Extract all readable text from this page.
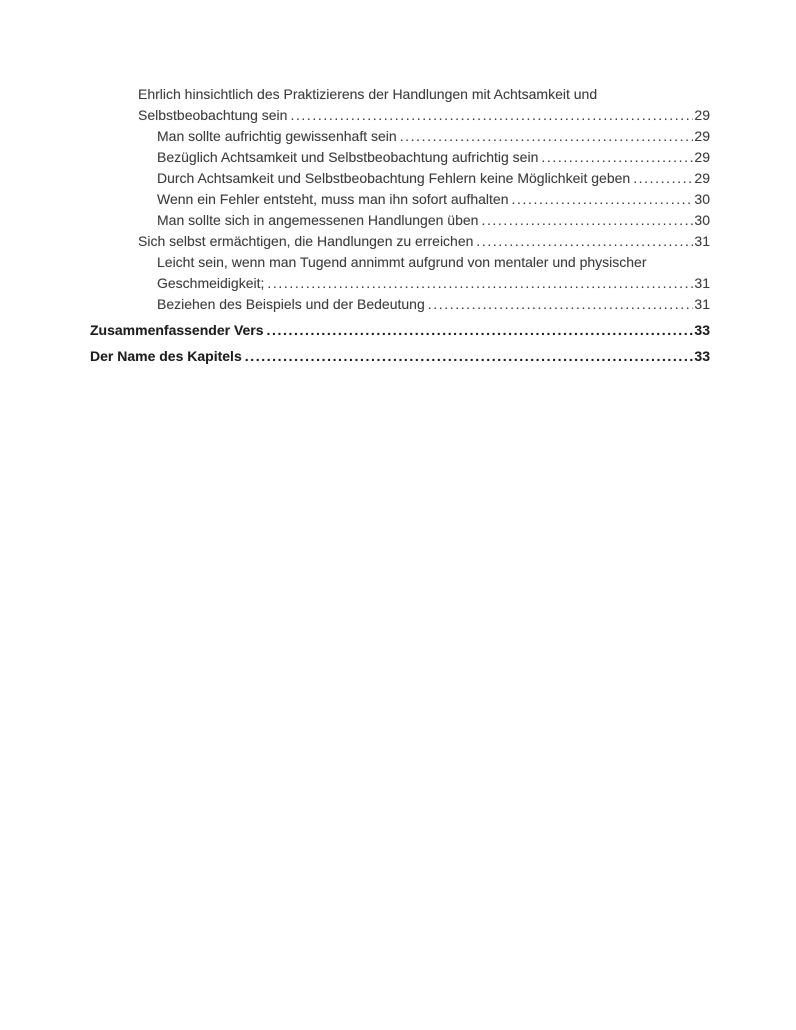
Ehrlich hinsichtlich des Praktizierens der Handlungen mit Achtsamkeit und
Selbstbeobachtung sein .....	29
Man sollte aufrichtig gewissenhaft sein .....	29
Bezüglich Achtsamkeit und Selbstbeobachtung aufrichtig sein .....	29
Durch Achtsamkeit und Selbstbeobachtung Fehlern keine Möglichkeit geben .....	29
Wenn ein Fehler entsteht, muss man ihn sofort aufhalten .....	30
Man sollte sich in angemessenen Handlungen üben .....	30
Sich selbst ermächtigen, die Handlungen zu erreichen .....	31
Leicht sein, wenn man Tugend annimmt aufgrund von mentaler und physischer
Geschmeidigkeit; .....	31
Beziehen des Beispiels und der Bedeutung .....	31
Zusammenfassender Vers .....	33
Der Name des Kapitels .....	33
